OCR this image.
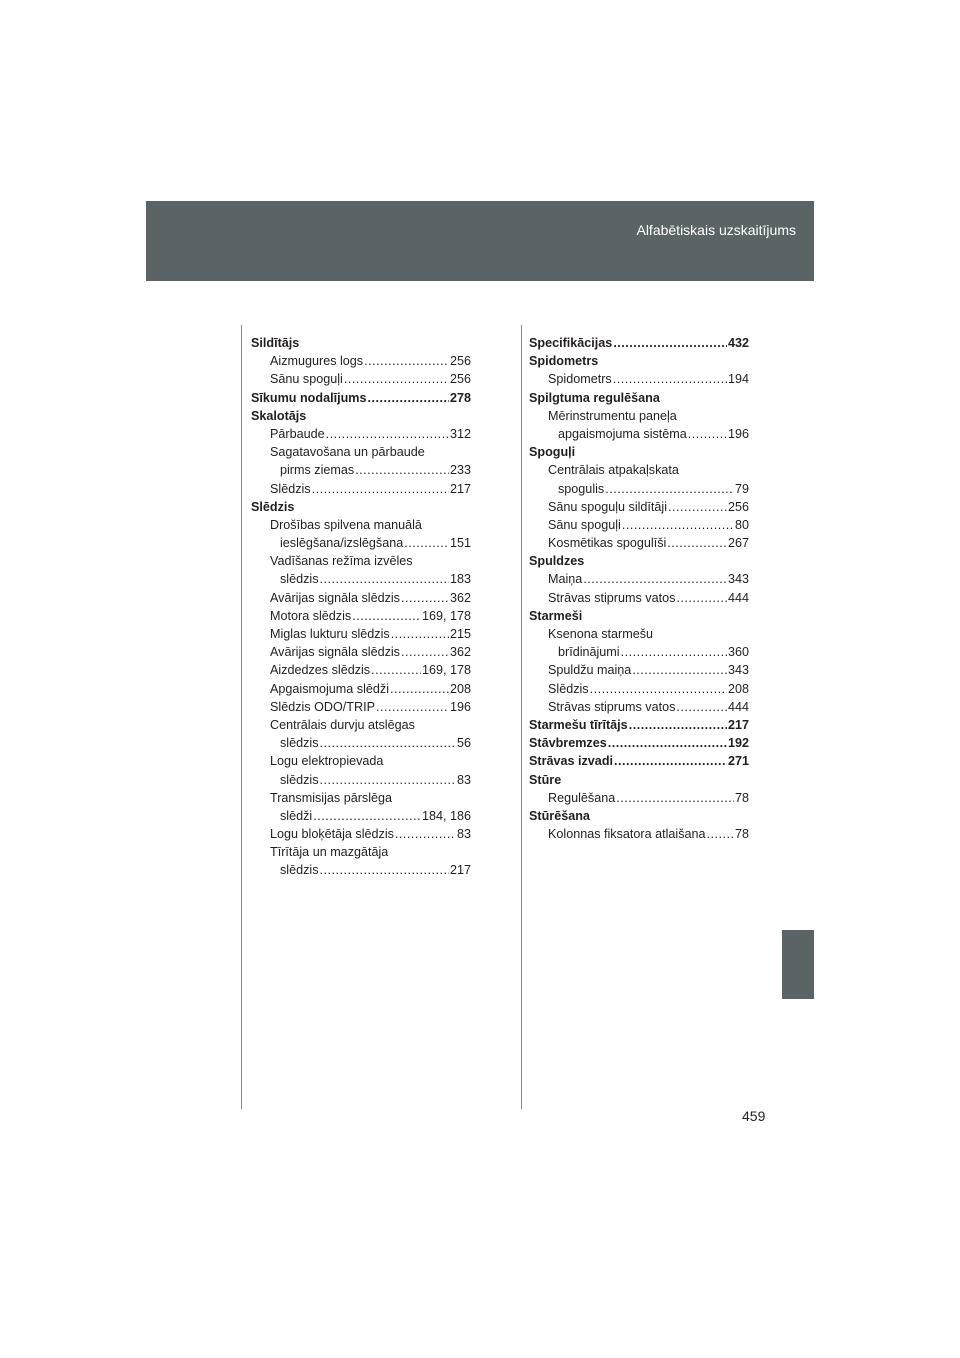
Alfabētiskais uzskaitījums
Sildītājs
Aizmugures logs .....	256
Sānu spoguļi .....	256
Sīkumu nodalījums .....	278
Skalotājs
Pārbaude .....	312
Sagatavošana un pārbaude
pirms ziemas .....	233
Slēdzis .....	217
Slēdzis
Drošības spilvena manuālā
ieslēgšana/izslēgšana .....	151
Vadīšanas režīma izvēles
slēdzis .....	183
Avārijas signāla slēdzis .....	362
Motora slēdzis .....	169, 178
Miglas lukturu slēdzis .....	215
Avārijas signāla slēdzis .....	362
Aizdedzes slēdzis .....	169, 178
Apgaismojuma slēdži .....	208
Slēdzis ODO/TRIP .....	196
Centrālais durvju atslēgas
slēdzis .....	56
Logu elektropievada
slēdzis .....	83
Transmisijas pārslēga
slēdži .....	184, 186
Logu bloķētāja slēdzis .....	83
Tīrītāja un mazgātāja
slēdzis .....	217
Specifikācijas .....	432
Spidometrs
Spidometrs .....	194
Spilgtuma regulēšana
Mērinstrumentu paneļa
apgaismojuma sistēma .....	196
Spoguļi
Centrālais atpakaļskata
spogulis .....	79
Sānu spoguļu sildītāji .....	256
Sānu spoguļi .....	80
Kosmētikas spogulīši .....	267
Spuldzes
Maiņa .....	343
Strāvas stiprums vatos .....	444
Starmeši
Ksenona starmešu
brīdinājumi .....	360
Spuldžu maiņa .....	343
Slēdzis .....	208
Strāvas stiprums vatos .....	444
Starmešu tīrītājs .....	217
Stāvbremzes .....	192
Strāvas izvadi .....	271
Stūre
Regulēšana .....	78
Stūrēšana
Kolonnas fiksatora atlaišana ..... 78
459
